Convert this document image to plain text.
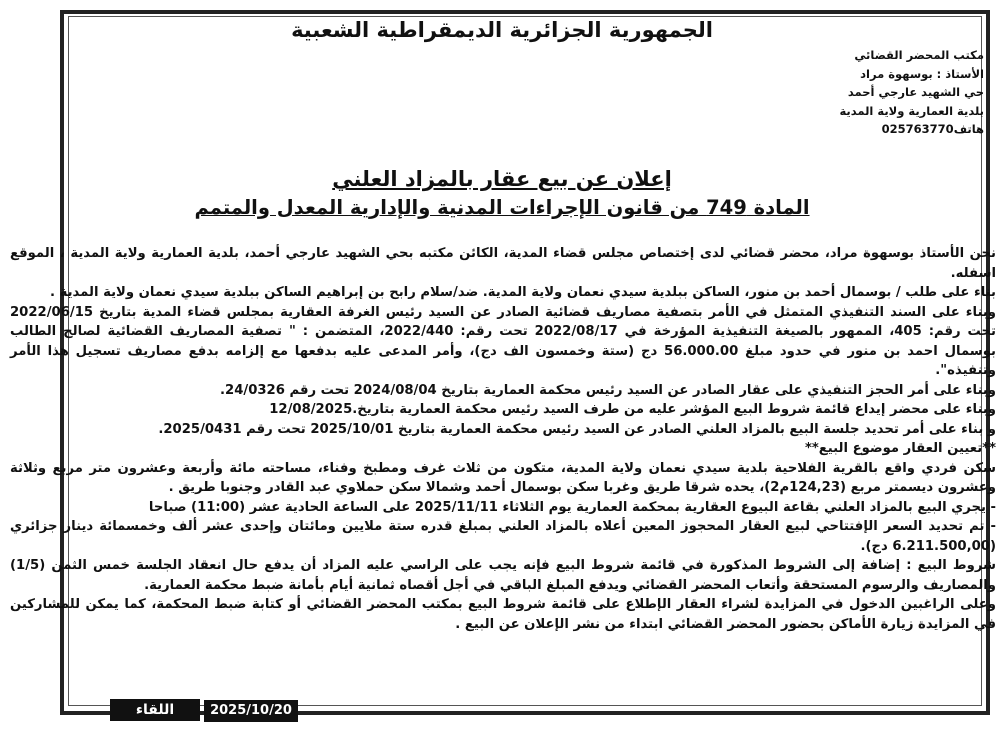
الجمهورية الجزائرية الديمقراطية الشعبية
مكتب المحضر القضائي
الأستاذ : بوسهوة مراد
حي الشهيد عارجي أحمد
بلدية العمارية ولاية المدية
هاتف025763770
إعلان عن بيع عقار بالمزاد العلني
المادة 749 من قانون الإجراءات المدنية والإدارية المعدل والمتمم

نحن الأستاذ بوسهوة مراد، محضر قضائي لدى إختصاص مجلس قضاء المدية، الكائن مكتبه بحي الشهيد عارجي أحمد، بلدية العمارية ولاية المدية ، الموقع اسفله.

بناء على طلب / بوسمال أحمد بن منور، الساكن ببلدية سيدي نعمان ولاية المدية. ضد/سلام رابح بن إبراهيم الساكن ببلدية سيدي نعمان ولاية المدية .

وبناء على السند التنفيذي المتمثل في الأمر بتصفية مصاريف قضائية الصادر عن السيد رئيس الغرفة العقارية بمجلس قضاء المدية بتاريخ 2022/06/15 تحت رقم: 405، الممهور بالصيغة التنفيذية المؤرخة في 2022/08/17 تحت رقم: 2022/440، المتضمن : " تصفية المصاريف القضائية لصالح الطالب بوسمال احمد بن منور في حدود مبلغ 56.000.00 دج (ستة وخمسون الف دج)، وأمر المدعى عليه بدفعها مع إلزامه بدفع مصاريف تسجيل هذا الأمر وتنفيذه".

وبناء على أمر الحجز التنفيذي على عقار الصادر عن السيد رئيس محكمة العمارية بتاريخ 2024/08/04 تحت رقم 24/0326.

وبناء على محضر إيداع قائمة شروط البيع المؤشر عليه من طرف السيد رئيس محكمة العمارية بتاريخ.12/08/2025

و بناء على أمر تحديد جلسة البيع بالمزاد العلني الصادر عن السيد رئيس محكمة العمارية بتاريخ 2025/10/01 تحت رقم 2025/0431.

**تعيين العقار موضوع البيع**

سكن فردي واقع بالقرية الفلاحية بلدية سيدي نعمان ولاية المدية، متكون من ثلاث غرف ومطبخ وفناء، مساحته مائة وأربعة وعشرون متر مربع وثلاثة وعشرون ديسمتر مربع (124,23م2)، يحده شرقا طريق وغربا سكن بوسمال أحمد وشمالا سكن حملاوي عبد القادر وجنوبا طريق .

- يجري البيع بالمزاد العلني بقاعة البيوع العقارية بمحكمة العمارية يوم الثلاثاء 2025/11/11 على الساعة الحادية عشر (11:00) صباحا

- تم تحديد السعر الإفتتاحي لبيع العقار المحجوز المعين أعلاه بالمزاد العلني بمبلغ قدره ستة ملايين ومائتان وإحدى عشر ألف وخمسمائة دينار جزائري (6.211.500,00 دج).

شروط البيع : إضافة إلى الشروط المذكورة في قائمة شروط البيع فإنه يجب على الراسي عليه المزاد أن يدفع حال انعقاد الجلسة خمس الثمن (1/5) والمصاريف والرسوم المستحقة وأتعاب المحضر القضائي ويدفع المبلغ الباقي في أجل أقصاه ثمانية أيام بأمانة ضبط محكمة العمارية.

وعلى الراغبين الدخول في المزايدة لشراء العقار الإطلاع على قائمة شروط البيع بمكتب المحضر القضائي أو كتابة ضبط المحكمة، كما يمكن للمشاركين في المزايدة زيارة الأماكن بحضور المحضر القضائي ابتداء من نشر الإعلان عن البيع .

اللقاء	2025/10/20
